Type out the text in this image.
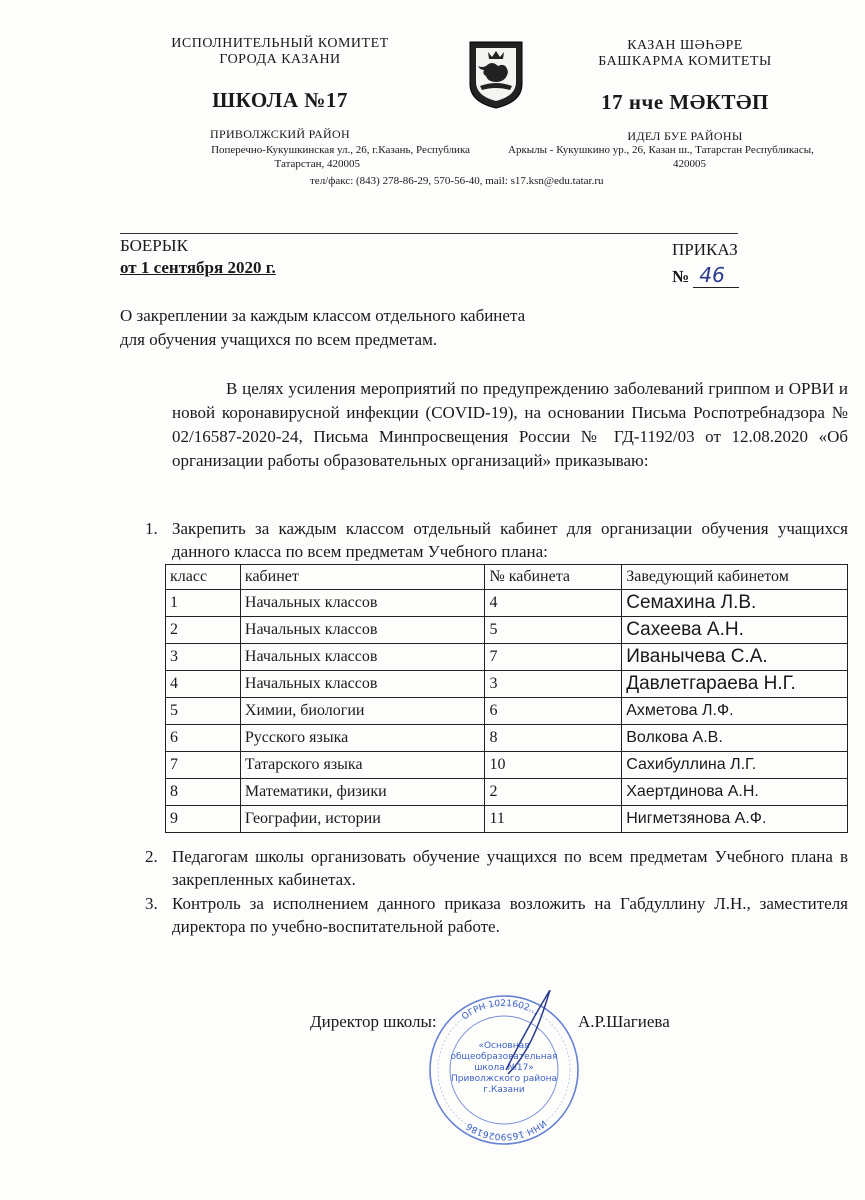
ИСПОЛНИТЕЛЬНЫЙ КОМИТЕТ
ГОРОДА КАЗАНИ
ШКОЛА №17
ПРИВОЛЖСКИЙ РАЙОН
Поперечно-Кукушкинская ул., 26, г.Казань, Республика
Татарстан, 420005
КАЗАН ШӘҺӘРЕ
БАШКАРМА КОМИТЕТЫ
17 нче МӘКТӘП
ИДЕЛ БУЕ РАЙОНЫ
Аркылы - Кукушкино ур., 26, Казан ш., Татарстан Республикасы,
420005
тел/факс: (843) 278-86-29, 570-56-40, mail: s17.ksn@edu.tatar.ru
БОЕРЫК
от 1 сентября 2020 г.
ПРИКАЗ
№ 46
О закреплении за каждым классом отдельного кабинета
для обучения учащихся по всем предметам.
В целях усиления мероприятий по предупреждению заболеваний гриппом и ОРВИ и новой коронавирусной инфекции (COVID-19), на основании Письма Роспотребнадзора № 02/16587-2020-24, Письма Минпросвещения России № ГД-1192/03 от 12.08.2020 «Об организации работы образовательных организаций» приказываю:
1. Закрепить за каждым классом отдельный кабинет для организации обучения учащихся данного класса по всем предметам Учебного плана:
класс	кабинет	№ кабинета	Заведующий кабинетом
1	Начальных классов	4	Семахина Л.В.
2	Начальных классов	5	Сахеева А.Н.
3	Начальных классов	7	Иванычева С.А.
4	Начальных классов	3	Давлетгараева Н.Г.
5	Химии, биологии	6	Ахметова Л.Ф.
6	Русского языка	8	Волкова А.В.
7	Татарского языка	10	Сахибуллина Л.Г.
8	Математики, физики	2	Хаертдинова А.Н.
9	Географии, истории	11	Нигметзянова А.Ф.
2. Педагогам школы организовать обучение учащихся по всем предметам Учебного плана в закрепленных кабинетах.
3. Контроль за исполнением данного приказа возложить на Габдуллину Л.Н., заместителя директора по учебно-воспитательной работе.
ОГРН 1021602...
ИНН 1659026186
«Основная
общеобразовательная
школа №17»
Приволжского района
г.Казани
Директор школы:	А.Р.Шагиева
